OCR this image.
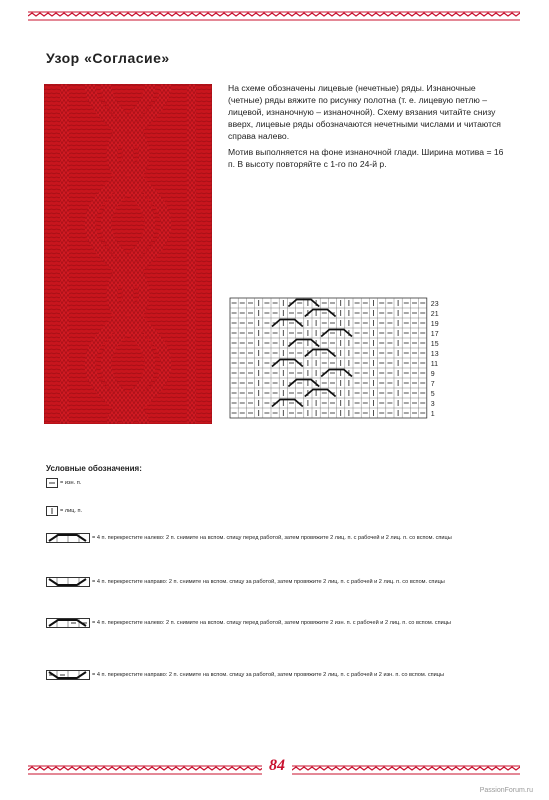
Узор «Согласие»

На схеме обозначены лицевые (нечетные) ряды. Изнаночные (четные) ряды вяжите по рисунку полотна (т. е. лицевую петлю – лицевой, изнаночную – изнаночной). Схему вязания читайте снизу вверх, лицевые ряды обозначаются нечетными числами и читаются справа налево.

Мотив выполняется на фоне изнаночной глади. Ширина мотива = 16 п. В высоту повторяйте с 1-го по 24-й р.

23
21
19
17
15
13
11
9
7
5
3
1
Условные обозначения:
= изн. п.
= лиц. п.
= 4 п. перекрестите налево: 2 п. снимите на вспом. спицу перед работой, затем провяжите 2 лиц. п. с рабочей и 2 лиц. п. со вспом. спицы
= 4 п. перекрестите направо: 2 п. снимите на вспом. спицу за работой, затем провяжите 2 лиц. п. с рабочей и 2 лиц. п. со вспом. спицы
= 4 п. перекрестите налево: 2 п. снимите на вспом. спицу перед работой, затем провяжите 2 изн. п. с рабочей и 2 лиц. п. со вспом. спицы
= 4 п. перекрестите направо: 2 п. снимите на вспом. спицу за работой, затем провяжите 2 лиц. п. с рабочей и 2 изн. п. со вспом. спицы
84
PassionForum.ru
